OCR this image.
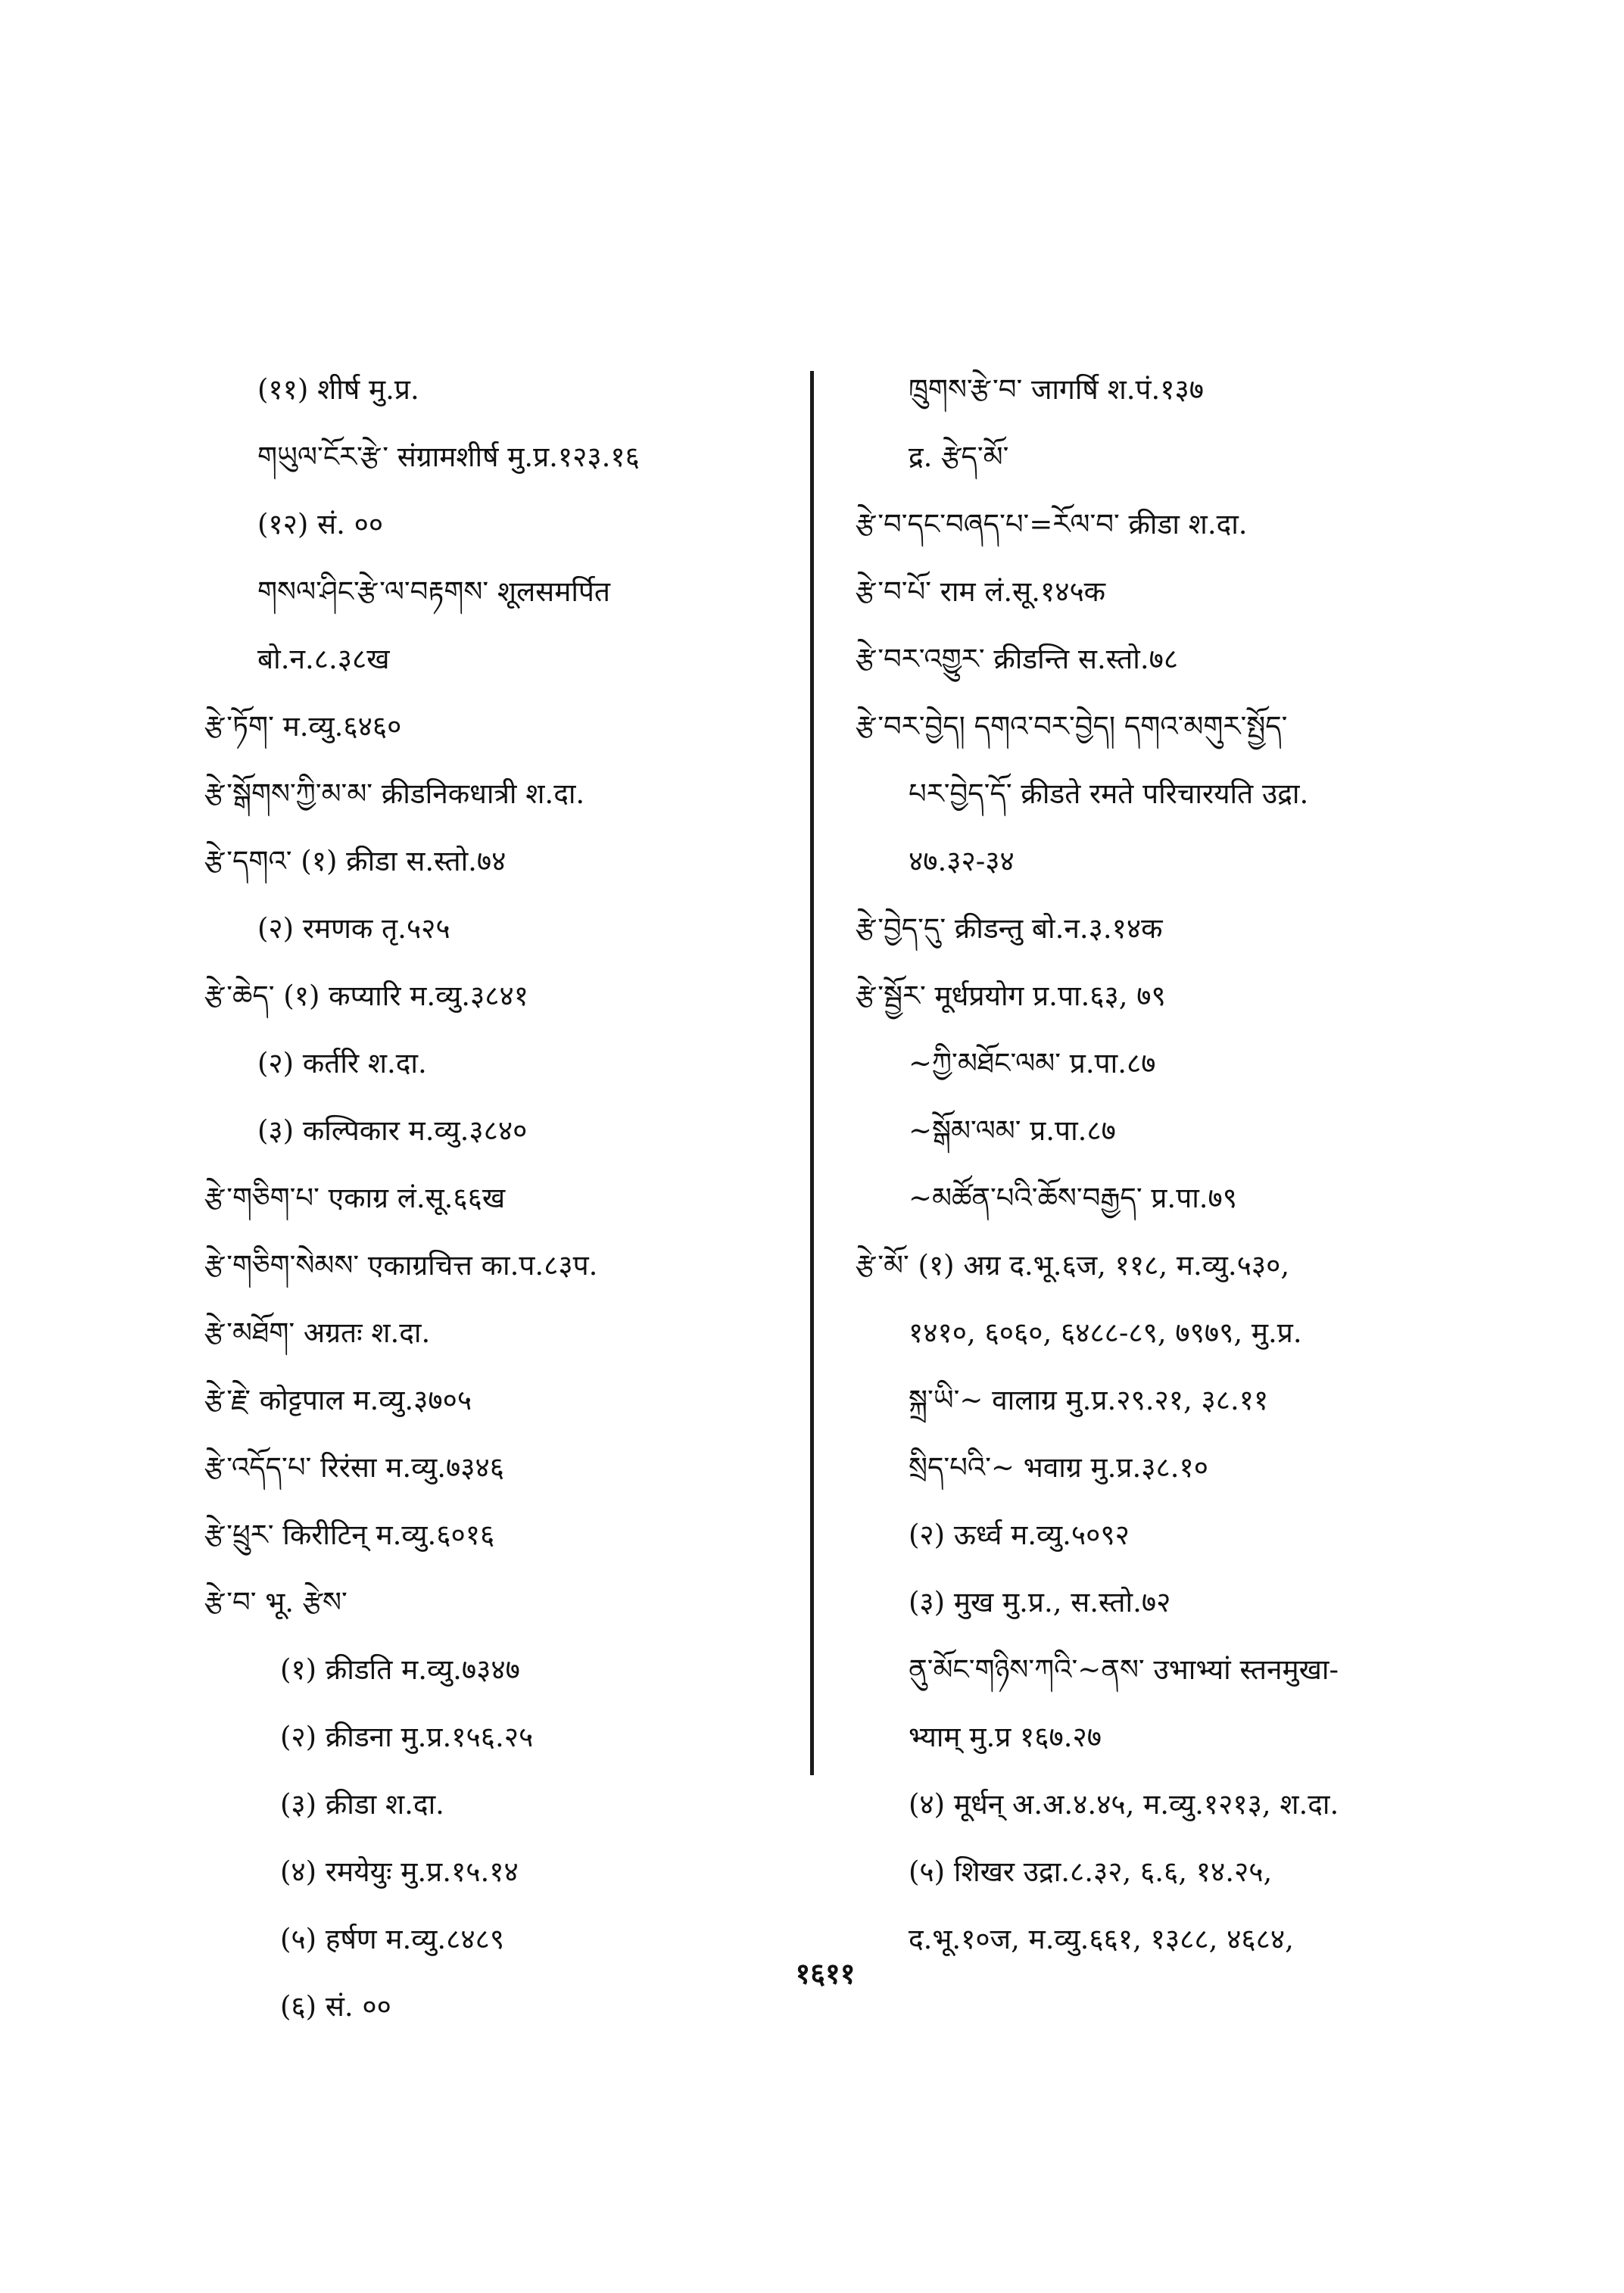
(११) शीर्ष मु.प्र.
གཡུལ་ངོར་རྩེ་ संग्रामशीर्ष मु.प्र.१२३.१६
(१२) सं. ००
གསལ་ཤིང་རྩེ་ལ་བརྟགས་ शूलसमर्पित
बो.न.८.३८ख
རྩེ་ཏོག་ म.व्यु.६४६०
རྩེ་སྒོགས་ཀྱི་མ་མ་ क्रीडनिकधात्री श.दा.
རྩེ་དགའ་ (१) क्रीडा स.स्तो.७४
(२) रमणक तृ.५२५
རྩེ་ཆེད་ (१) कप्यारि म.व्यु.३८४१
(२) कर्तरि श.दा.
(३) कल्पिकार म.व्यु.३८४०
རྩེ་གཅིག་པ་ एकाग्र लं.सू.६६ख
རྩེ་གཅིག་སེམས་ एकाग्रचित्त का.प.८३प.
རྩེ་མཐོག་ अग्रतः श.दा.
རྩེ་རྗེ་ कोट्टपाल म.व्यु.३७०५
རྩེ་འདོད་པ་ रिरंसा म.व्यु.७३४६
རྩེ་ཕྲུར་ किरीटिन् म.व्यु.६०१६
རྩེ་བ་ भू. རྩེས་
(१) क्रीडति म.व्यु.७३४७
(२) क्रीडना मु.प्र.१५६.२५
(३) क्रीडा श.दा.
(४) रमयेयुः मु.प्र.१५.१४
(५) हर्षण म.व्यु.८४८९
(६) सं. ००
ཁྲུགས་རྩེ་བ་ जागर्षि श.पं.१३७
द्र. རྩེད་མོ་
རྩེ་བ་དང་བཞད་པ་=རོལ་བ་ क्रीडा श.दा.
རྩེ་བ་པོ་ राम लं.सू.१४५क
རྩེ་བར་འགྱུར་ क्रीडन्ति स.स्तो.७८
རྩེ་བར་བྱེད། དགའ་བར་བྱེད། དགའ་མགུར་སྤྱོད་
པར་བྱེད་དོ་ क्रीडते रमते परिचारयति उद्रा.
४७.३२-३४
རྩེ་བྱེད་དུ་ क्रीडन्तु बो.न.३.१४क
རྩེ་སྦྱོར་ मूर्धप्रयोग प्र.पा.६३, ७९
~ཀྱི་མཐོང་ལམ་ प्र.पा.८७
~སྒོམ་ལམ་ प्र.पा.८७
~མཚོན་པའི་ཆོས་བརྒྱད་ प्र.पा.७९
རྩེ་མོ་ (१) अग्र द.भू.६ज, ११८, म.व्यु.५३०,
१४१०, ६०६०, ६४८८-८९, ७९७९, मु.प्र.
སྐྲ་ཡི་~ वालाग्र मु.प्र.२९.२१, ३८.११
སྲིད་པའི་~ भवाग्र मु.प्र.३८.१०
(२) ऊर्ध्व म.व्यु.५०९२
(३) मुख मु.प्र., स.स्तो.७२
ནུ་མོང་གཉིས་ཀའི་~ནས་ उभाभ्यां स्तनमुखा-
भ्याम् मु.प्र १६७.२७
(४) मूर्धन् अ.अ.४.४५, म.व्यु.१२१३, श.दा.
(५) शिखर उद्रा.८.३२, ६.६, १४.२५,
द.भू.१०ज, म.व्यु.६६१, १३८८, ४६८४,
१६११
